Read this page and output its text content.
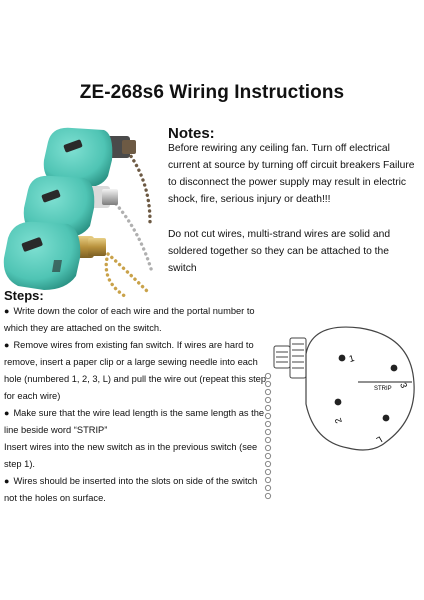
ZE-268s6 Wiring Instructions
Notes:

Before rewiring any ceiling fan. Turn off electrical current at source by turning off circuit breakers Failure to disconnect the power supply may result in electric shock, fire, serious injury or death!!!

Do not cut wires, multi-strand wires are solid and soldered together so they can be attached to the switch

Steps:

● Write down the color of each wire and the portal number to which they are attached on the switch.

● Remove wires from existing fan switch. If wires are hard to remove, insert a paper clip or a large sewing needle into each hole (numbered 1, 2, 3, L) and pull the wire out (repeat this step for each wire)

● Make sure that the wire lead length is the same length as the line beside word “STRIP”

Insert wires into the new switch as in the previous switch (see step 1).

● Wires should be inserted into the slots on side of the switch not the holes on surface.

1
3
2
L
STRIP
